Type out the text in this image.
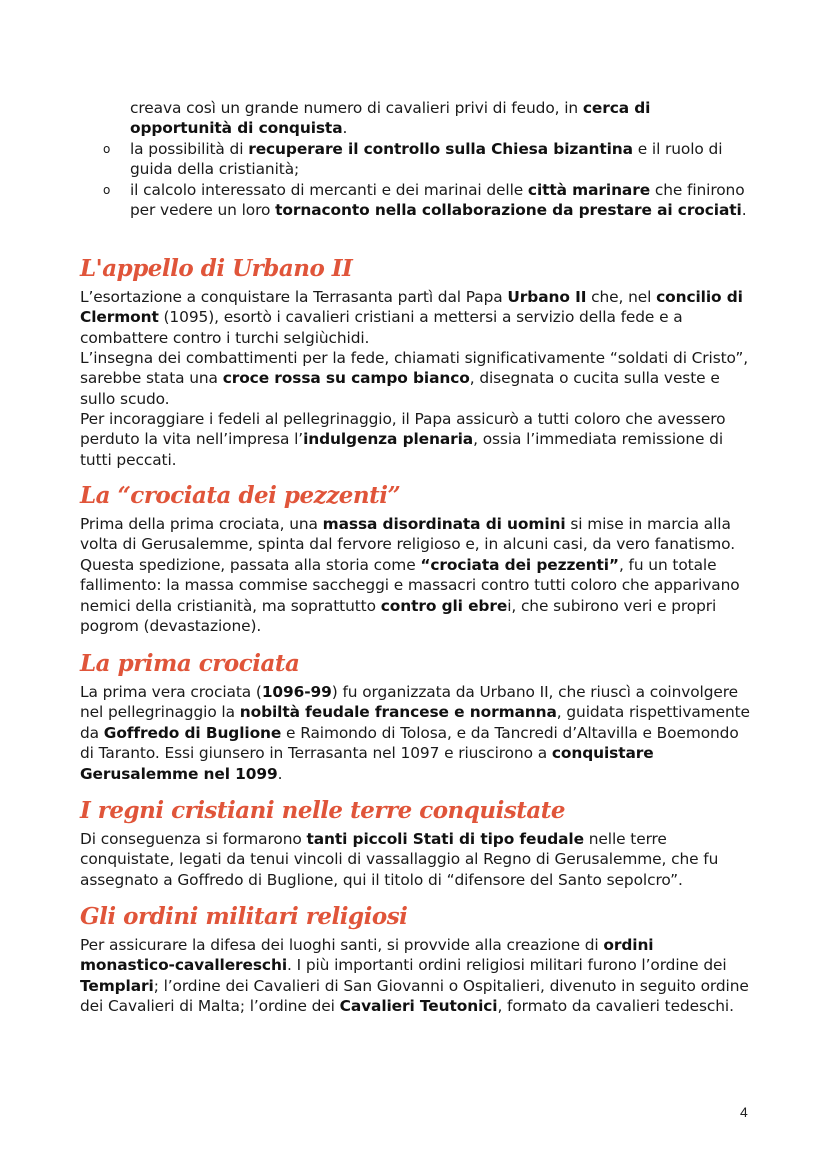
creava così un grande numero di cavalieri privi di feudo, in cerca di opportunità di conquista.
o la possibilità di recuperare il controllo sulla Chiesa bizantina e il ruolo di guida della cristianità;
o il calcolo interessato di mercanti e dei marinai delle città marinare che finirono per vedere un loro tornaconto nella collaborazione da prestare ai crociati.
L'appello di Urbano II

L’esortazione a conquistare la Terrasanta partì dal Papa Urbano II che, nel concilio di Clermont (1095), esortò i cavalieri cristiani a mettersi a servizio della fede e a combattere contro i turchi selgiùchidi.

L’insegna dei combattimenti per la fede, chiamati significativamente “soldati di Cristo”, sarebbe stata una croce rossa su campo bianco, disegnata o cucita sulla veste e sullo scudo.

Per incoraggiare i fedeli al pellegrinaggio, il Papa assicurò a tutti coloro che avessero perduto la vita nell’impresa l’indulgenza plenaria, ossia l’immediata remissione di tutti peccati.

La “crociata dei pezzenti”

Prima della prima crociata, una massa disordinata di uomini si mise in marcia alla volta di Gerusalemme, spinta dal fervore religioso e, in alcuni casi, da vero fanatismo. Questa spedizione, passata alla storia come “crociata dei pezzenti”, fu un totale fallimento: la massa commise saccheggi e massacri contro tutti coloro che apparivano nemici della cristianità, ma soprattutto contro gli ebrei, che subirono veri e propri pogrom (devastazione).

La prima crociata

La prima vera crociata (1096-99) fu organizzata da Urbano II, che riuscì a coinvolgere nel pellegrinaggio la nobiltà feudale francese e normanna, guidata rispettivamente da Goffredo di Buglione e Raimondo di Tolosa, e da Tancredi d’Altavilla e Boemondo di Taranto. Essi giunsero in Terrasanta nel 1097 e riuscirono a conquistare Gerusalemme nel 1099.

I regni cristiani nelle terre conquistate

Di conseguenza si formarono tanti piccoli Stati di tipo feudale nelle terre conquistate, legati da tenui vincoli di vassallaggio al Regno di Gerusalemme, che fu assegnato a Goffredo di Buglione, qui il titolo di “difensore del Santo sepolcro”.

Gli ordini militari religiosi

Per assicurare la difesa dei luoghi santi, si provvide alla creazione di ordini monastico-cavallereschi. I più importanti ordini religiosi militari furono l’ordine dei Templari; l’ordine dei Cavalieri di San Giovanni o Ospitalieri, divenuto in seguito ordine dei Cavalieri di Malta; l’ordine dei Cavalieri Teutonici, formato da cavalieri tedeschi.

4
